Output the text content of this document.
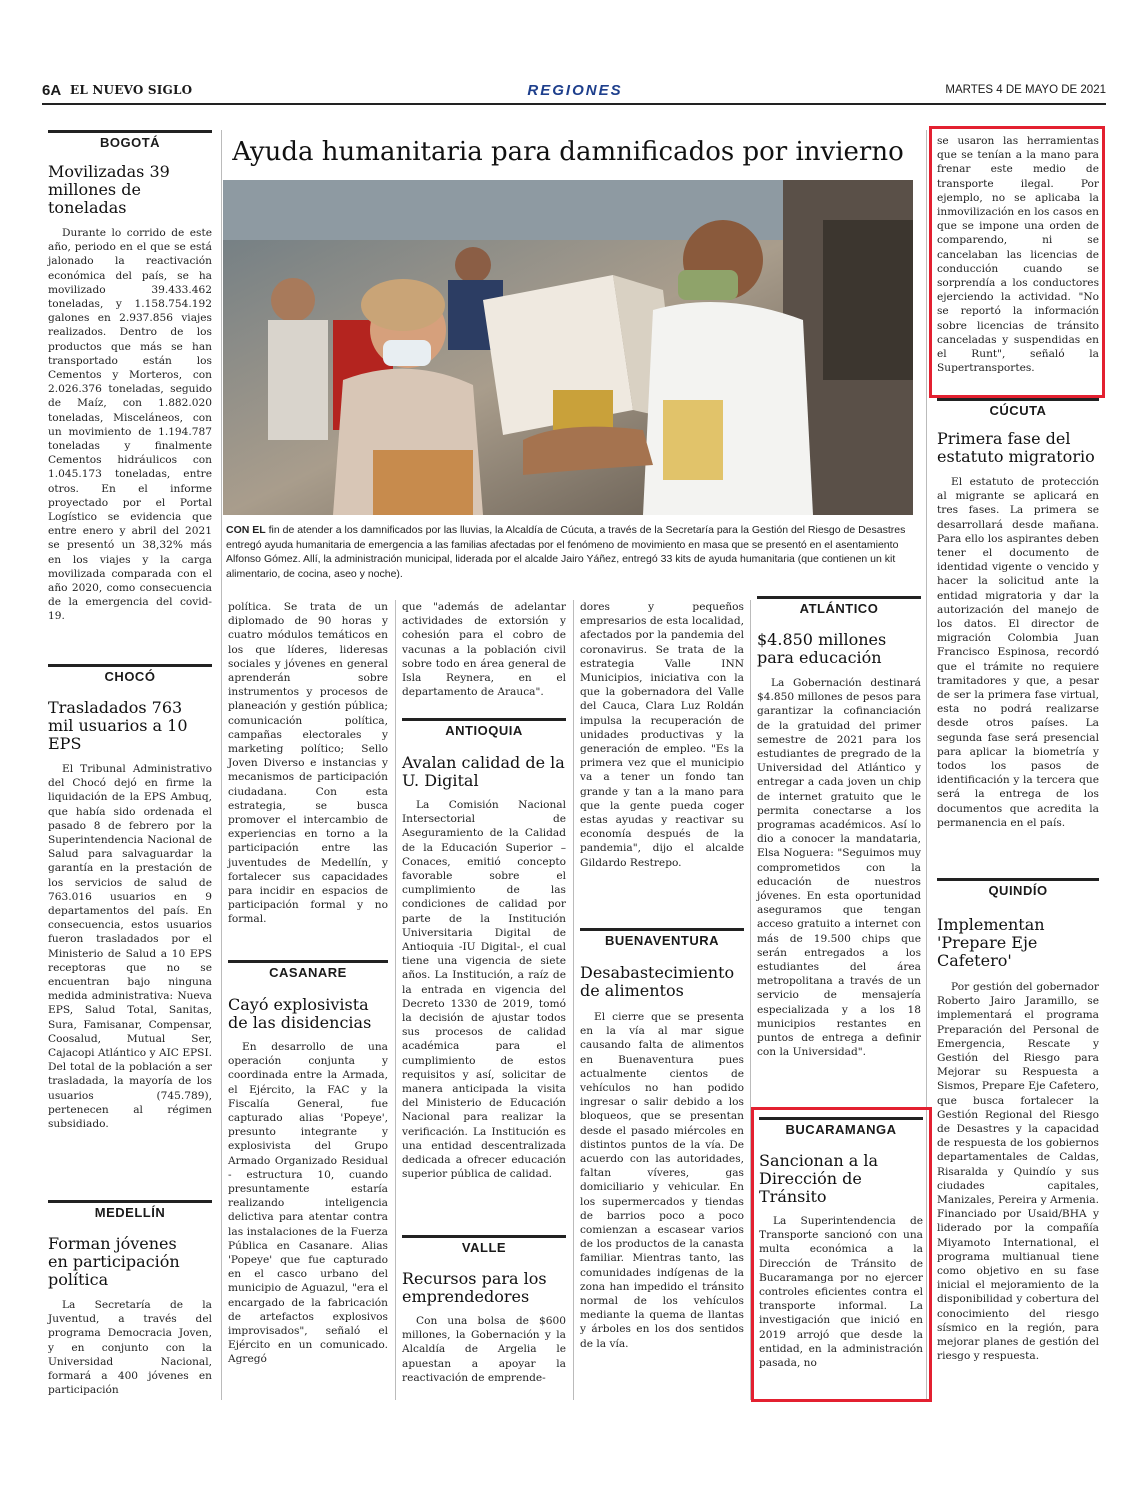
6A EL NUEVO SIGLO	REGIONES	MARTES 4 DE MAYO DE 2021
BOGOTÁ
Movilizadas 39 millones de toneladas

Durante lo corrido de este año, periodo en el que se está jalonado la reactivación económica del país, se ha movilizado 39.433.462 toneladas, y 1.158.754.192 galones en 2.937.856 viajes realizados. Dentro de los productos que más se han transportado están los Cementos y Morteros, con 2.026.376 toneladas, seguido de Maíz, con 1.882.020 toneladas, Misceláneos, con un movimiento de 1.194.787 toneladas y finalmente Cementos hidráulicos con 1.045.173 toneladas, entre otros. En el informe proyectado por el Portal Logístico se evidencia que entre enero y abril del 2021 se presentó un 38,32% más en los viajes y la carga movilizada comparada con el año 2020, como consecuencia de la emergencia del covid-19.

CHOCÓ
Trasladados 763 mil usuarios a 10 EPS

El Tribunal Administrativo del Chocó dejó en firme la liquidación de la EPS Ambuq, que había sido ordenada el pasado 8 de febrero por la Superintendencia Nacional de Salud para salvaguardar la garantía en la prestación de los servicios de salud de 763.016 usuarios en 9 departamentos del país. En consecuencia, estos usuarios fueron trasladados por el Ministerio de Salud a 10 EPS receptoras que no se encuentran bajo ninguna medida administrativa: Nueva EPS, Salud Total, Sanitas, Sura, Famisanar, Compensar, Coosalud, Mutual Ser, Cajacopi Atlántico y AIC EPSI. Del total de la población a ser trasladada, la mayoría de los usuarios (745.789), pertenecen al régimen subsidiado.

MEDELLÍN
Forman jóvenes en participación política

La Secretaría de la Juventud, a través del programa Democracia Joven, y en conjunto con la Universidad Nacional, formará a 400 jóvenes en participación

Ayuda humanitaria para damnificados por invierno
CON EL fin de atender a los damnificados por las lluvias, la Alcaldía de Cúcuta, a través de la Secretaría para la Gestión del Riesgo de Desastres entregó ayuda humanitaria de emergencia a las familias afectadas por el fenómeno de movimiento en masa que se presentó en el asentamiento Alfonso Gómez. Allí, la administración municipal, liderada por el alcalde Jairo Yáñez, entregó 33 kits de ayuda humanitaria (que contienen un kit alimentario, de cocina, aseo y noche).

política. Se trata de un diplomado de 90 horas y cuatro módulos temáticos en los que líderes, lideresas sociales y jóvenes en general aprenderán sobre instrumentos y procesos de planeación y gestión pública; comunicación política, campañas electorales y marketing político; Sello Joven Diverso e instancias y mecanismos de participación ciudadana. Con esta estrategia, se busca promover el intercambio de experiencias en torno a la participación entre las juventudes de Medellín, y fortalecer sus capacidades para incidir en espacios de participación formal y no formal.

CASANARE
Cayó explosivista de las disidencias

En desarrollo de una operación conjunta y coordinada entre la Armada, el Ejército, la FAC y la Fiscalía General, fue capturado alias 'Popeye', presunto integrante y explosivista del Grupo Armado Organizado Residual - estructura 10, cuando presuntamente estaría realizando inteligencia delictiva para atentar contra las instalaciones de la Fuerza Pública en Casanare. Alias 'Popeye' que fue capturado en el casco urbano del municipio de Aguazul, "era el encargado de la fabricación de artefactos explosivos improvisados", señaló el Ejército en un comunicado. Agregó

que "además de adelantar actividades de extorsión y cohesión para el cobro de vacunas a la población civil sobre todo en área general de Isla Reynera, en el departamento de Arauca".

ANTIOQUIA
Avalan calidad de la U. Digital

La Comisión Nacional Intersectorial de Aseguramiento de la Calidad de la Educación Superior – Conaces, emitió concepto favorable sobre el cumplimiento de las condiciones de calidad por parte de la Institución Universitaria Digital de Antioquia -IU Digital-, el cual tiene una vigencia de siete años. La Institución, a raíz de la entrada en vigencia del Decreto 1330 de 2019, tomó la decisión de ajustar todos sus procesos de calidad académica para el cumplimiento de estos requisitos y así, solicitar de manera anticipada la visita del Ministerio de Educación Nacional para realizar la verificación. La Institución es una entidad descentralizada dedicada a ofrecer educación superior pública de calidad.

VALLE
Recursos para los emprendedores

Con una bolsa de $600 millones, la Gobernación y la Alcaldía de Argelia le apuestan a apoyar la reactivación de emprende-

dores y pequeños empresarios de esta localidad, afectados por la pandemia del coronavirus. Se trata de la estrategia Valle INN Municipios, iniciativa con la que la gobernadora del Valle del Cauca, Clara Luz Roldán impulsa la recuperación de unidades productivas y la generación de empleo. "Es la primera vez que el municipio va a tener un fondo tan grande y tan a la mano para que la gente pueda coger estas ayudas y reactivar su economía después de la pandemia", dijo el alcalde Gildardo Restrepo.

BUENAVENTURA
Desabastecimiento de alimentos

El cierre que se presenta en la vía al mar sigue causando falta de alimentos en Buenaventura pues actualmente cientos de vehículos no han podido ingresar o salir debido a los bloqueos, que se presentan desde el pasado miércoles en distintos puntos de la vía. De acuerdo con las autoridades, faltan víveres, gas domiciliario y vehicular. En los supermercados y tiendas de barrios poco a poco comienzan a escasear varios de los productos de la canasta familiar. Mientras tanto, las comunidades indígenas de la zona han impedido el tránsito normal de los vehículos mediante la quema de llantas y árboles en los dos sentidos de la vía.

ATLÁNTICO
$4.850 millones para educación

La Gobernación destinará $4.850 millones de pesos para garantizar la cofinanciación de la gratuidad del primer semestre de 2021 para los estudiantes de pregrado de la Universidad del Atlántico y entregar a cada joven un chip de internet gratuito que le permita conectarse a los programas académicos. Así lo dio a conocer la mandataria, Elsa Noguera: "Seguimos muy comprometidos con la educación de nuestros jóvenes. En esta oportunidad aseguramos que tengan acceso gratuito a internet con más de 19.500 chips que serán entregados a los estudiantes del área metropolitana a través de un servicio de mensajería especializada y a los 18 municipios restantes en puntos de entrega a definir con la Universidad".

BUCARAMANGA
Sancionan a la Dirección de Tránsito

La Superintendencia de Transporte sancionó con una multa económica a la Dirección de Tránsito de Bucaramanga por no ejercer controles eficientes contra el transporte informal. La investigación que inició en 2019 arrojó que desde la entidad, en la administración pasada, no

se usaron las herramientas que se tenían a la mano para frenar este medio de transporte ilegal. Por ejemplo, no se aplicaba la inmovilización en los casos en que se impone una orden de comparendo, ni se cancelaban las licencias de conducción cuando se sorprendía a los conductores ejerciendo la actividad. "No se reportó la información sobre licencias de tránsito canceladas y suspendidas en el Runt", señaló la Supertransportes.

CÚCUTA
Primera fase del estatuto migratorio

El estatuto de protección al migrante se aplicará en tres fases. La primera se desarrollará desde mañana. Para ello los aspirantes deben tener el documento de identidad vigente o vencido y hacer la solicitud ante la entidad migratoria y dar la autorización del manejo de los datos. El director de migración Colombia Juan Francisco Espinosa, recordó que el trámite no requiere tramitadores y que, a pesar de ser la primera fase virtual, esta no podrá realizarse desde otros países. La segunda fase será presencial para aplicar la biometría y todos los pasos de identificación y la tercera que será la entrega de los documentos que acredita la permanencia en el país.

QUINDÍO
Implementan 'Prepare Eje Cafetero'

Por gestión del gobernador Roberto Jairo Jaramillo, se implementará el programa Preparación del Personal de Emergencia, Rescate y Gestión del Riesgo para Mejorar su Respuesta a Sismos, Prepare Eje Cafetero, que busca fortalecer la Gestión Regional del Riesgo de Desastres y la capacidad de respuesta de los gobiernos departamentales de Caldas, Risaralda y Quindío y sus ciudades capitales, Manizales, Pereira y Armenia. Financiado por Usaid/BHA y liderado por la compañía Miyamoto International, el programa multianual tiene como objetivo en su fase inicial el mejoramiento de la disponibilidad y cobertura del conocimiento del riesgo sísmico en la región, para mejorar planes de gestión del riesgo y respuesta.
